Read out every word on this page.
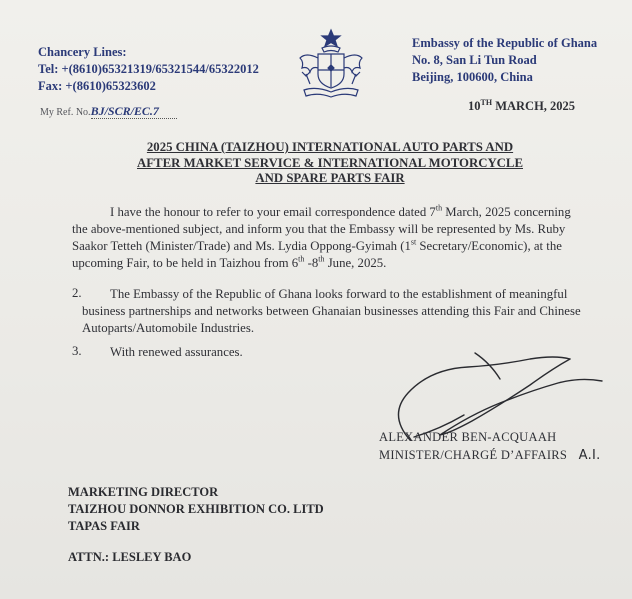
Chancery Lines:
Tel: +(8610)65321319/65321544/65322012
Fax: +(8610)65323602
Embassy of the Republic of Ghana
No. 8, San Li Tun Road
Beijing, 100600, China
My Ref. No.BJ/SCR/EC.7	10TH MARCH, 2025
2025 CHINA (TAIZHOU) INTERNATIONAL AUTO PARTS AND
AFTER MARKET SERVICE & INTERNATIONAL MOTORCYCLE
AND SPARE PARTS FAIR
I have the honour to refer to your email correspondence dated 7th March, 2025 concerning
the above-mentioned subject, and inform you that the Embassy will be represented by Ms. Ruby
Saakor Tetteh (Minister/Trade) and Ms. Lydia Oppong-Gyimah (1st Secretary/Economic), at the
upcoming Fair, to be held in Taizhou from 6th -8th June, 2025.
2. The Embassy of the Republic of Ghana looks forward to the establishment of meaningful
business partnerships and networks between Ghanaian businesses attending this Fair and Chinese
Autoparts/Automobile Industries.
3. With renewed assurances.
ALEXANDER BEN-ACQUAAH
MINISTER/CHARGÉ D’AFFAIRS A.I.
MARKETING DIRECTOR
TAIZHOU DONNOR EXHIBITION CO. LITD
TAPAS FAIR
ATTN.: LESLEY BAO
